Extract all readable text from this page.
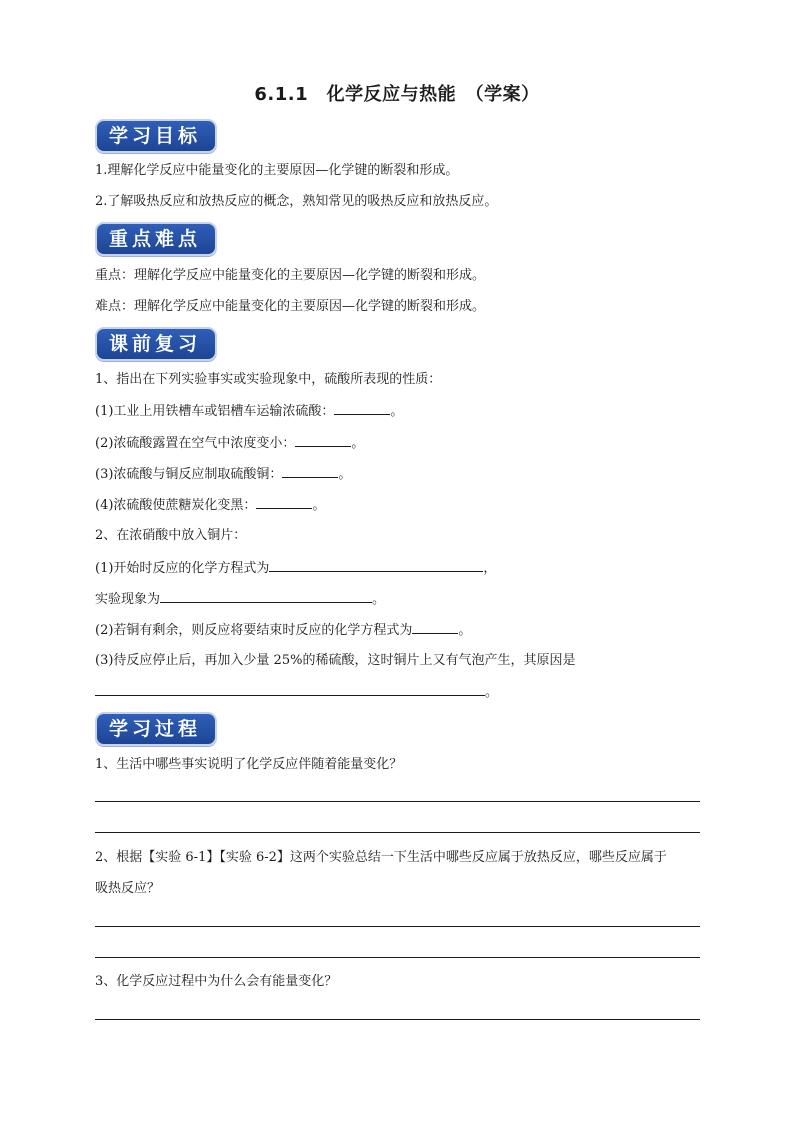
6.1.1　化学反应与热能　（学案）
学习目标
1.理解化学反应中能量变化的主要原因—化学键的断裂和形成。
2.了解吸热反应和放热反应的概念，熟知常见的吸热反应和放热反应。
重点难点
重点：理解化学反应中能量变化的主要原因—化学键的断裂和形成。
难点：理解化学反应中能量变化的主要原因—化学键的断裂和形成。
课前复习
1、指出在下列实验事实或实验现象中，硫酸所表现的性质：
(1)工业上用铁槽车或铝槽车运输浓硫酸：	。
(2)浓硫酸露置在空气中浓度变小：	。
(3)浓硫酸与铜反应制取硫酸铜：	。
(4)浓硫酸使蔗糖炭化变黑：	。
2、在浓硝酸中放入铜片：
(1)开始时反应的化学方程式为	，
实验现象为	。
(2)若铜有剩余，则反应将要结束时反应的化学方程式为	。
(3)待反应停止后，再加入少量 25%的稀硫酸，这时铜片上又有气泡产生，其原因是
。
学习过程
1、生活中哪些事实说明了化学反应伴随着能量变化？
2、根据【实验 6-1】【实验 6-2】这两个实验总结一下生活中哪些反应属于放热反应，哪些反应属于
吸热反应？
3、化学反应过程中为什么会有能量变化？
